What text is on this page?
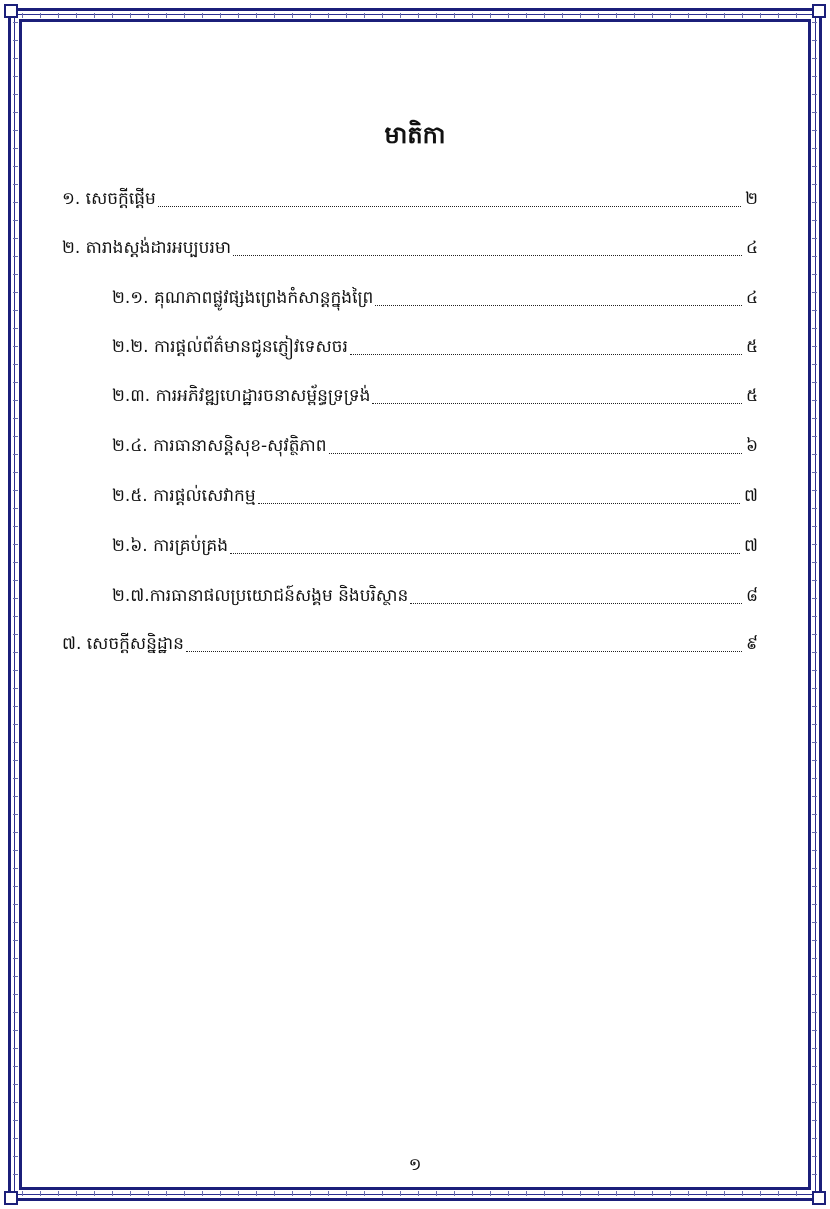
មាតិកា
១. សេចក្ដីផ្ដើម	២
២. តារាងស្ដង់ដារអប្បបរមា	៤
២.១. គុណភាពផ្លូវផ្សងព្រេងកំសាន្តក្នុងព្រៃ	៤
២.២. ការផ្ដល់ព័ត៌មានជូនភ្ញៀវទេសចរ	៥
២.៣. ការអភិវឌ្ឍហេដ្ឋារចនាសម្ព័ន្ធទ្រទ្រង់	៥
២.៤. ការធានាសន្តិសុខ-សុវត្ថិភាព	៦
២.៥. ការផ្ដល់សេវាកម្ម	៧
២.៦. ការគ្រប់គ្រង	៧
២.៧.ការធានាផលប្រយោជន៍សង្គម និងបរិស្ថាន	៨
៧. សេចក្ដីសន្និដ្ឋាន	៩
១
